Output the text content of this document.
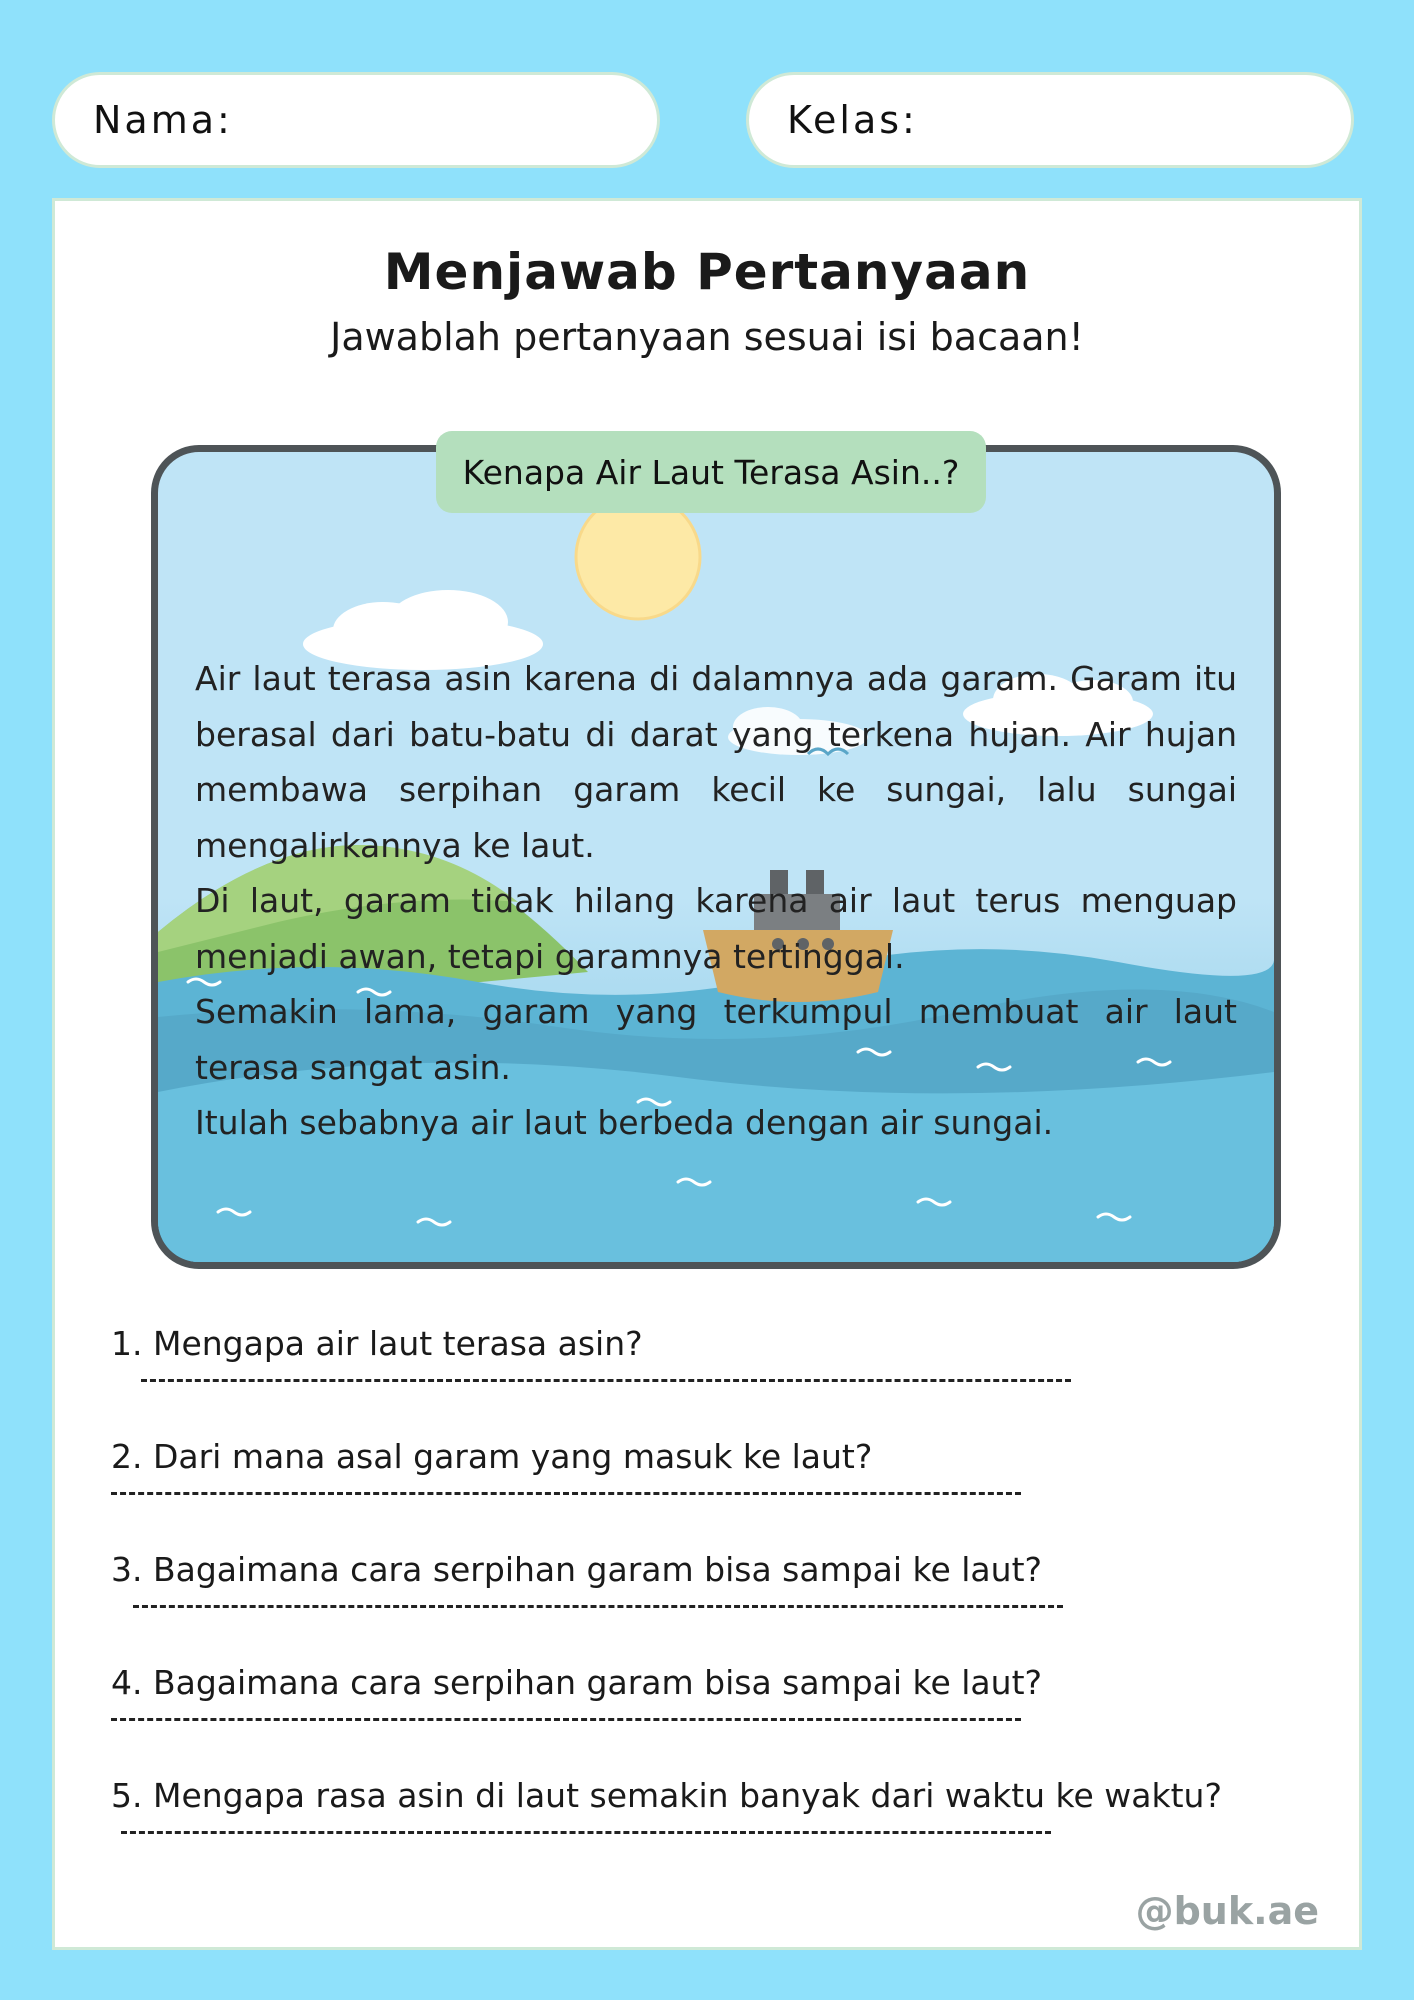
Nama:	Kelas:
Menjawab Pertanyaan
Jawablah pertanyaan sesuai isi bacaan!
Kenapa Air Laut Terasa Asin..?

Air laut terasa asin karena di dalamnya ada garam. Garam itu berasal dari batu-batu di darat yang terkena hujan. Air hujan membawa serpihan garam kecil ke sungai, lalu sungai mengalirkannya ke laut.

Di laut, garam tidak hilang karena air laut terus menguap menjadi awan, tetapi garamnya tertinggal.

Semakin lama, garam yang terkumpul membuat air laut terasa sangat asin.

Itulah sebabnya air laut berbeda dengan air sungai.

1. Mengapa air laut terasa asin?
2. Dari mana asal garam yang masuk ke laut?
3. Bagaimana cara serpihan garam bisa sampai ke laut?
4. Bagaimana cara serpihan garam bisa sampai ke laut?
5. Mengapa rasa asin di laut semakin banyak dari waktu ke waktu?
@buk.ae
